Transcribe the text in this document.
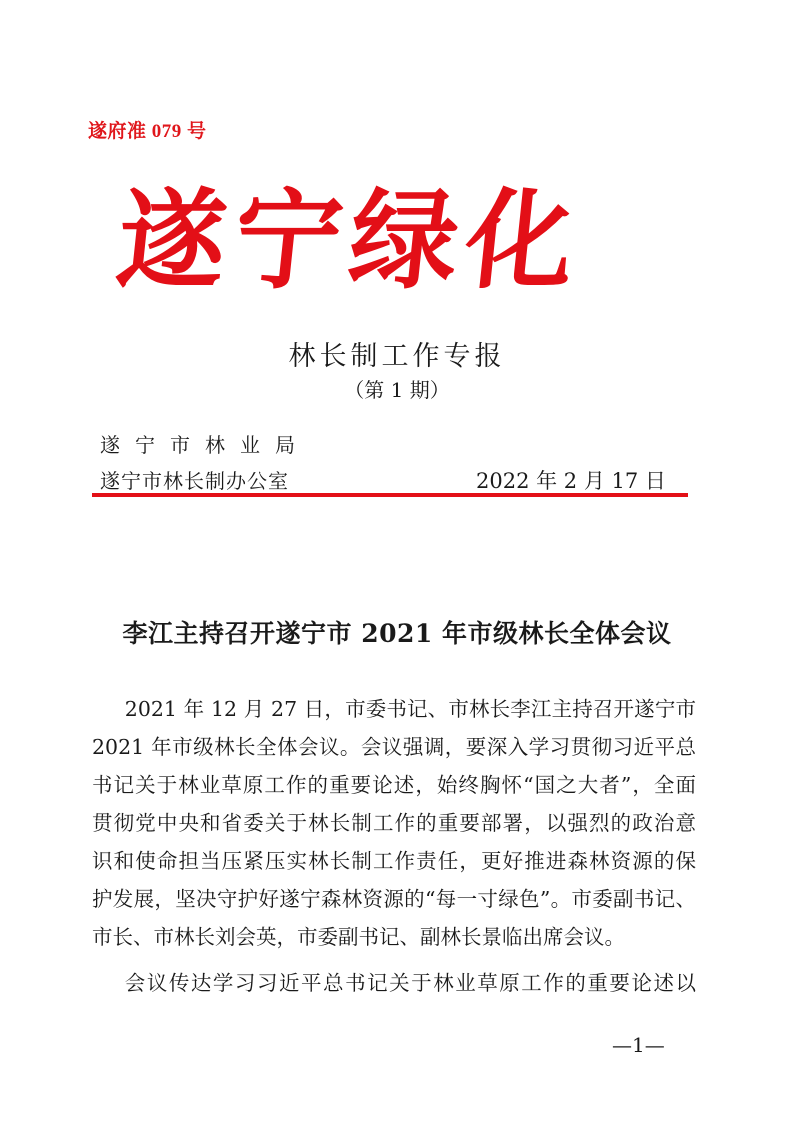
遂府准 079 号
遂宁绿化
林长制工作专报
（第 1 期）
遂宁市林业局
遂宁市林长制办公室	2022 年 2 月 17 日
李江主持召开遂宁市 2021 年市级林长全体会议

2021 年 12 月 27 日，市委书记、市林长李江主持召开遂宁市
2021 年市级林长全体会议。会议强调，要深入学习贯彻习近平总
书记关于林业草原工作的重要论述，始终胸怀“国之大者”，全面
贯彻党中央和省委关于林长制工作的重要部署，以强烈的政治意
识和使命担当压紧压实林长制工作责任，更好推进森林资源的保
护发展，坚决守护好遂宁森林资源的“每一寸绿色”。市委副书记、
市长、市林长刘会英，市委副书记、副林长景临出席会议。

会议传达学习习近平总书记关于林业草原工作的重要论述以

—1—
